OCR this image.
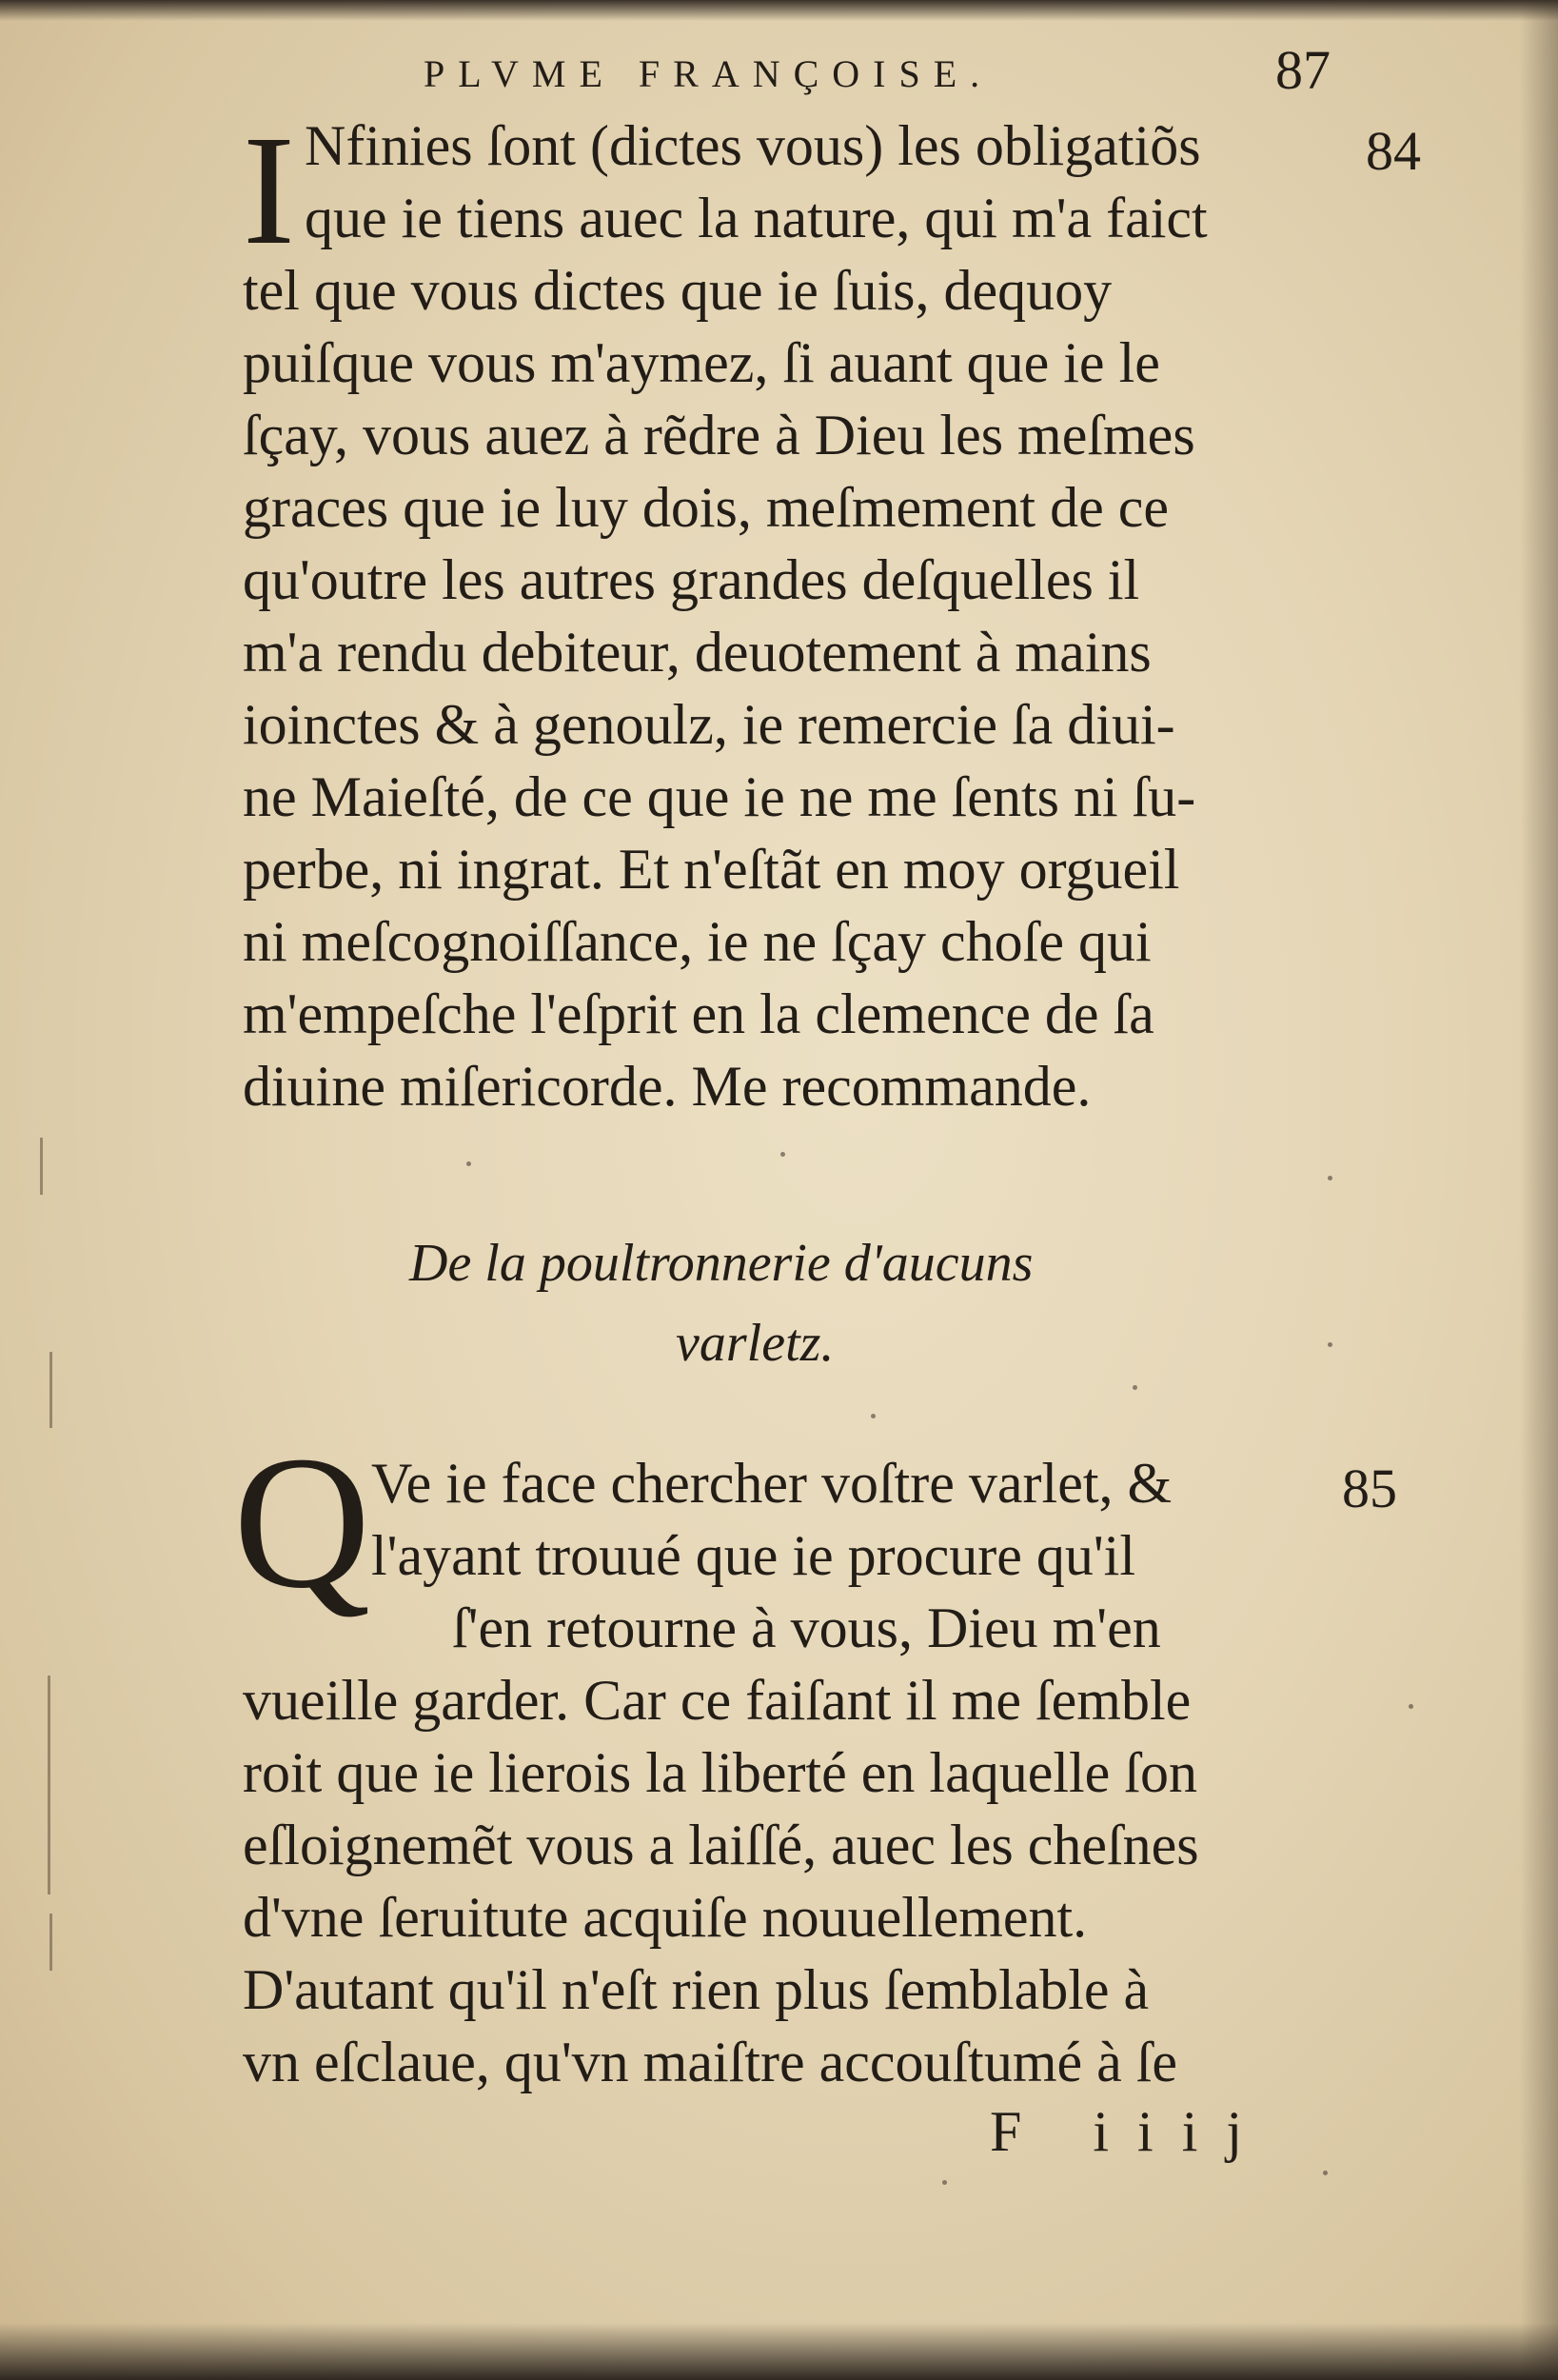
PLVME FRANÇOISE.	87
I	84
Nfinies ſont (dictes vous) les obligatiõs
que ie tiens auec la nature, qui m'a faict
tel que vous dictes que ie ſuis, dequoy
puiſque vous m'aymez, ſi auant que ie le
ſçay, vous auez à rẽdre à Dieu les meſmes
graces que ie luy dois, meſmement de ce
qu'outre les autres grandes deſquelles il
m'a rendu debiteur, deuotement à mains
ioinctes & à genoulz, ie remercie ſa diui-
ne Maieſté, de ce que ie ne me ſents ni ſu-
perbe, ni ingrat. Et n'eſtãt en moy orgueil
ni meſcognoiſſance, ie ne ſçay choſe qui
m'empeſche l'eſprit en la clemence de ſa
diuine miſericorde. Me recommande.
De la poultronnerie d'aucuns
varletz.
Q	85
Ve ie face chercher voſtre varlet, &
l'ayant trouué que ie procure qu'il
ſ'en retourne à vous, Dieu m'en
vueille garder. Car ce faiſant il me ſemble
roit que ie lierois la liberté en laquelle ſon
eſloignemẽt vous a laiſſé, auec les cheſnes
d'vne ſeruitute acquiſe nouuellement.
D'autant qu'il n'eſt rien plus ſemblable à
vn eſclaue, qu'vn maiſtre accouſtumé à ſe
F iiij
